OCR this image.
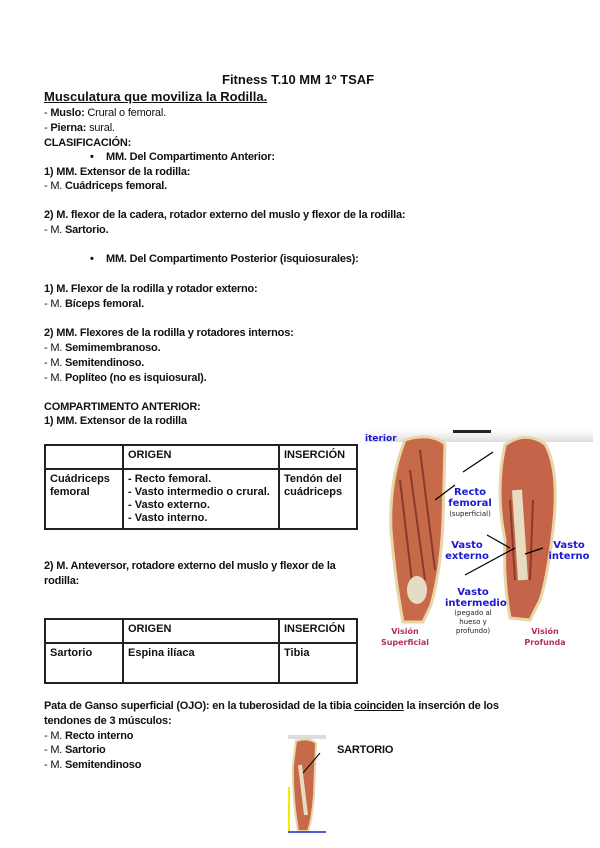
Fitness T.10 MM 1º TSAF
Musculatura que moviliza la Rodilla.
- Muslo: Crural o femoral.
- Pierna: sural.
CLASIFICACIÓN:
• MM. Del Compartimento Anterior:
1) MM. Extensor de la rodilla:
- M. Cuádriceps femoral.
2) M. flexor de la cadera, rotador externo del muslo y flexor de la rodilla:
- M. Sartorio.
• MM. Del Compartimento Posterior (isquiosurales):
1) M. Flexor de la rodilla y rotador externo:
- M. Bíceps femoral.
2) MM. Flexores de la rodilla y rotadores internos:
- M. Semimembranoso.
- M. Semitendinoso.
- M. Poplíteo (no es isquiosural).
COMPARTIMENTO ANTERIOR:
1) MM. Extensor de la rodilla
	ORIGEN	INSERCIÓN
Cuádriceps femoral	- Recto femoral.
- Vasto intermedio o crural.
- Vasto externo.
- Vasto interno.	Tendón del cuádriceps
2) M. Anteversor, rotadore externo del muslo y flexor de la
rodilla:
	ORIGEN	INSERCIÓN
Sartorio	Espina ilíaca	Tibia
Pata de Ganso superficial (OJO): en la tuberosidad de la tibia coinciden la inserción de los
tendones de 3 músculos:
- M. Recto interno
- M. Sartorio
- M. Semitendinoso
iterior
Recto
femoral
(superficial)
Vasto
externo
Vasto
interno
Vasto
intermedio
(pegado al
hueso y
profundo)
Visión
Superficial
Visión
Profunda
SARTORIO
